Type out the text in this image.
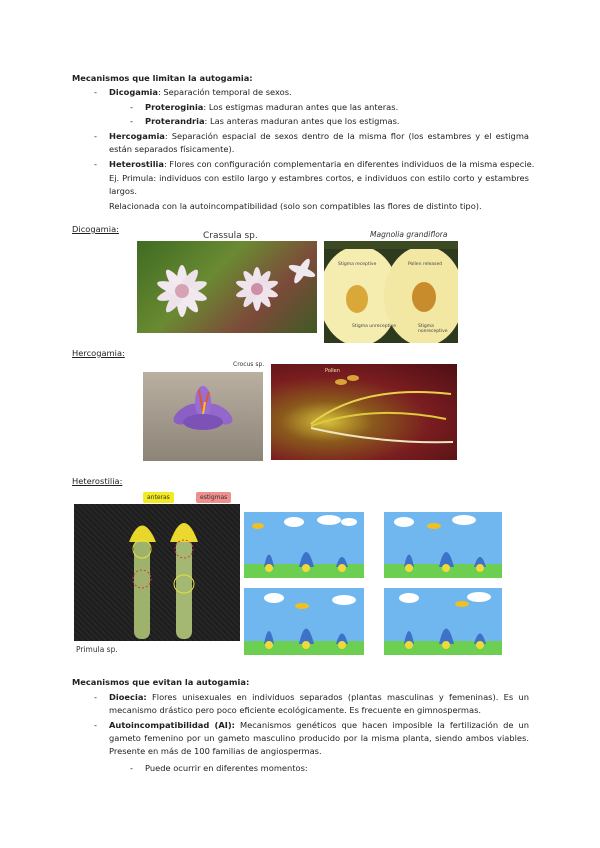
Mecanismos que limitan la autogamia:
- Dicogamia: Separación temporal de sexos.
- Proteroginia: Los estigmas maduran antes que las anteras.
- Proterandria: Las anteras maduran antes que los estigmas.
- Hercogamia: Separación espacial de sexos dentro de la misma flor (los estambres y el estigma están separados físicamente).
- Heterostilia: Flores con configuración complementaria en diferentes individuos de la misma especie.
Ej. Primula: individuos con estilo largo y estambres cortos, e individuos con estilo corto y estambres largos.
Relacionada con la autoincompatibilidad (solo son compatibles las flores de distinto tipo).
Dicogamia:
Crassula sp.	Magnolia grandiflora
Stigma receptive	Pollen released
Stigma unreceptive	Stigma nonreceptive
Hercogamia:
Crocus sp.
Pollen
Heterostilia:
anteras	estigmas
Primula sp.
Mecanismos que evitan la autogamia:
- Dioecia: Flores unisexuales en individuos separados (plantas masculinas y femeninas). Es un mecanismo drástico pero poco eficiente ecológicamente. Es frecuente en gimnospermas.
- Autoincompatibilidad (AI): Mecanismos genéticos que hacen imposible la fertilización de un gameto femenino por un gameto masculino producido por la misma planta, siendo ambos viables. Presente en más de 100 familias de angiospermas.
- Puede ocurrir en diferentes momentos:
